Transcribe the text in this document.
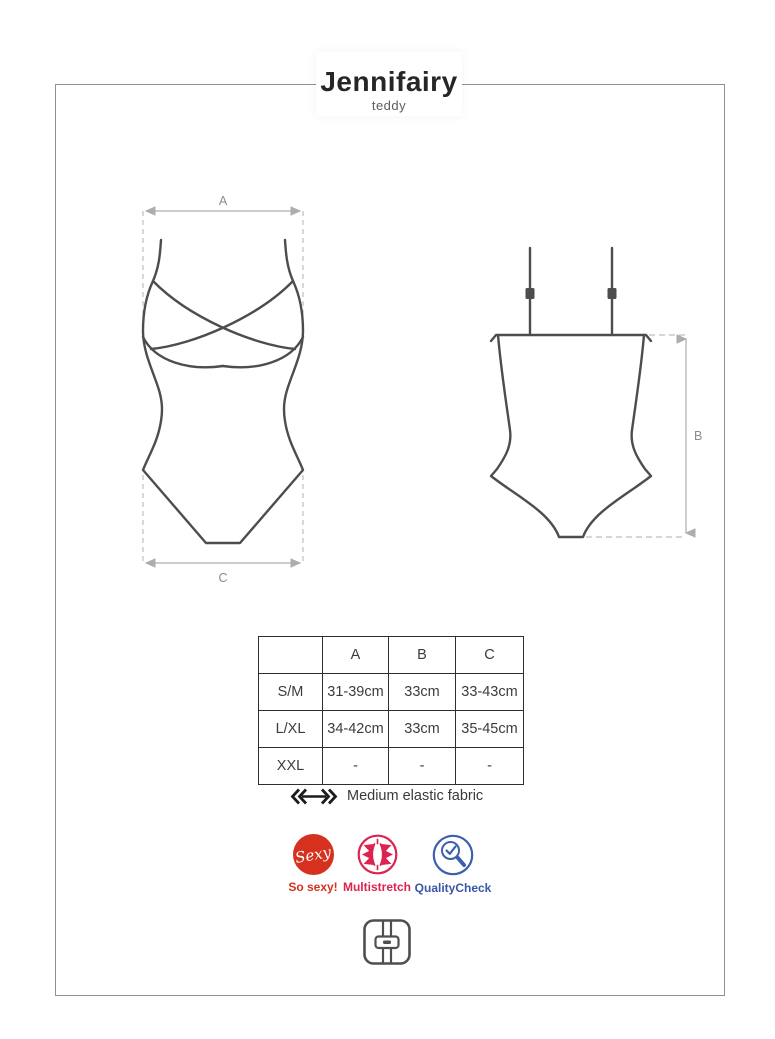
Jennifairy
teddy
A
C
B
	A	B	C
S/M	31-39cm	33cm	33-43cm
L/XL	34-42cm	33cm	35-45cm
XXL	-	-	-
Medium elastic fabric
Sexy
So sexy! Multistretch QualityCheck
